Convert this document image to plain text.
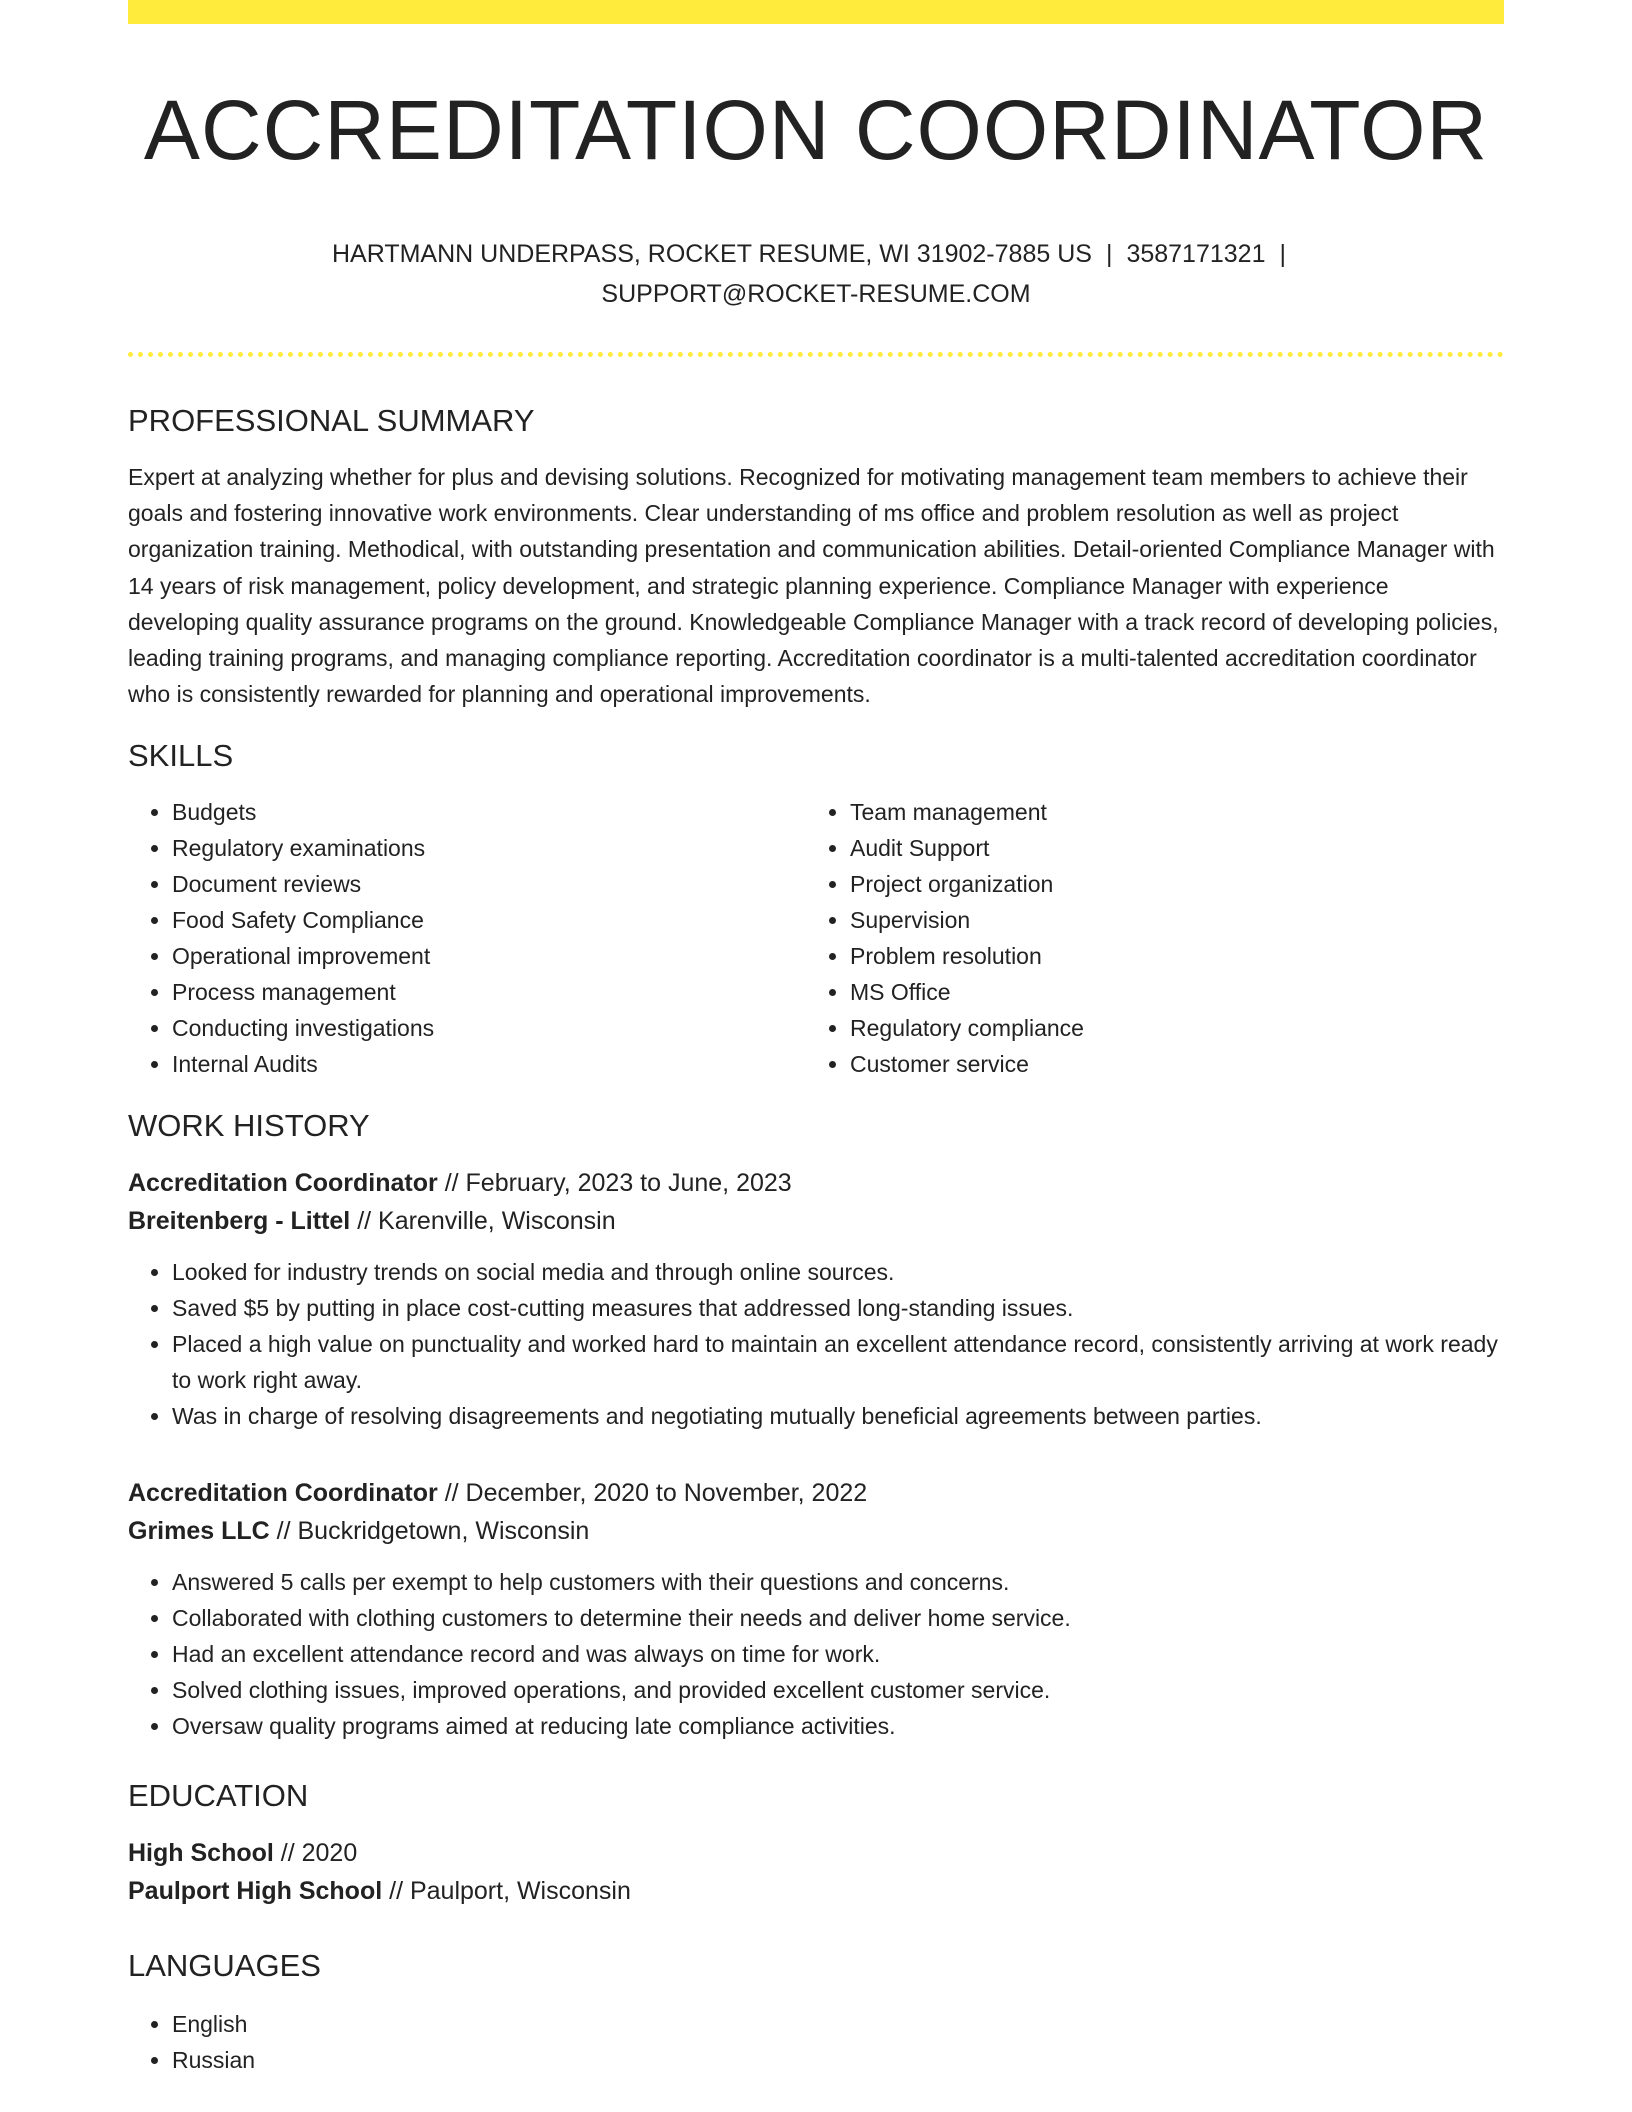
ACCREDITATION COORDINATOR
HARTMANN UNDERPASS, ROCKET RESUME, WI 31902-7885 US | 3587171321 |
SUPPORT@ROCKET-RESUME.COM
PROFESSIONAL SUMMARY
Expert at analyzing whether for plus and devising solutions. Recognized for motivating management team members to achieve their goals and fostering innovative work environments. Clear understanding of ms office and problem resolution as well as project organization training. Methodical, with outstanding presentation and communication abilities. Detail-oriented Compliance Manager with 14 years of risk management, policy development, and strategic planning experience. Compliance Manager with experience developing quality assurance programs on the ground. Knowledgeable Compliance Manager with a track record of developing policies, leading training programs, and managing compliance reporting. Accreditation coordinator is a multi-talented accreditation coordinator who is consistently rewarded for planning and operational improvements.
SKILLS
• Budgets
• Regulatory examinations
• Document reviews
• Food Safety Compliance
• Operational improvement
• Process management
• Conducting investigations
• Internal Audits
• Team management
• Audit Support
• Project organization
• Supervision
• Problem resolution
• MS Office
• Regulatory compliance
• Customer service
WORK HISTORY
Accreditation Coordinator // February, 2023 to June, 2023
Breitenberg - Littel // Karenville, Wisconsin
• Looked for industry trends on social media and through online sources.
• Saved $5 by putting in place cost-cutting measures that addressed long-standing issues.
• Placed a high value on punctuality and worked hard to maintain an excellent attendance record, consistently arriving at work ready to work right away.
• Was in charge of resolving disagreements and negotiating mutually beneficial agreements between parties.
Accreditation Coordinator // December, 2020 to November, 2022
Grimes LLC // Buckridgetown, Wisconsin
• Answered 5 calls per exempt to help customers with their questions and concerns.
• Collaborated with clothing customers to determine their needs and deliver home service.
• Had an excellent attendance record and was always on time for work.
• Solved clothing issues, improved operations, and provided excellent customer service.
• Oversaw quality programs aimed at reducing late compliance activities.
EDUCATION
High School // 2020
Paulport High School // Paulport, Wisconsin
LANGUAGES
• English
• Russian
